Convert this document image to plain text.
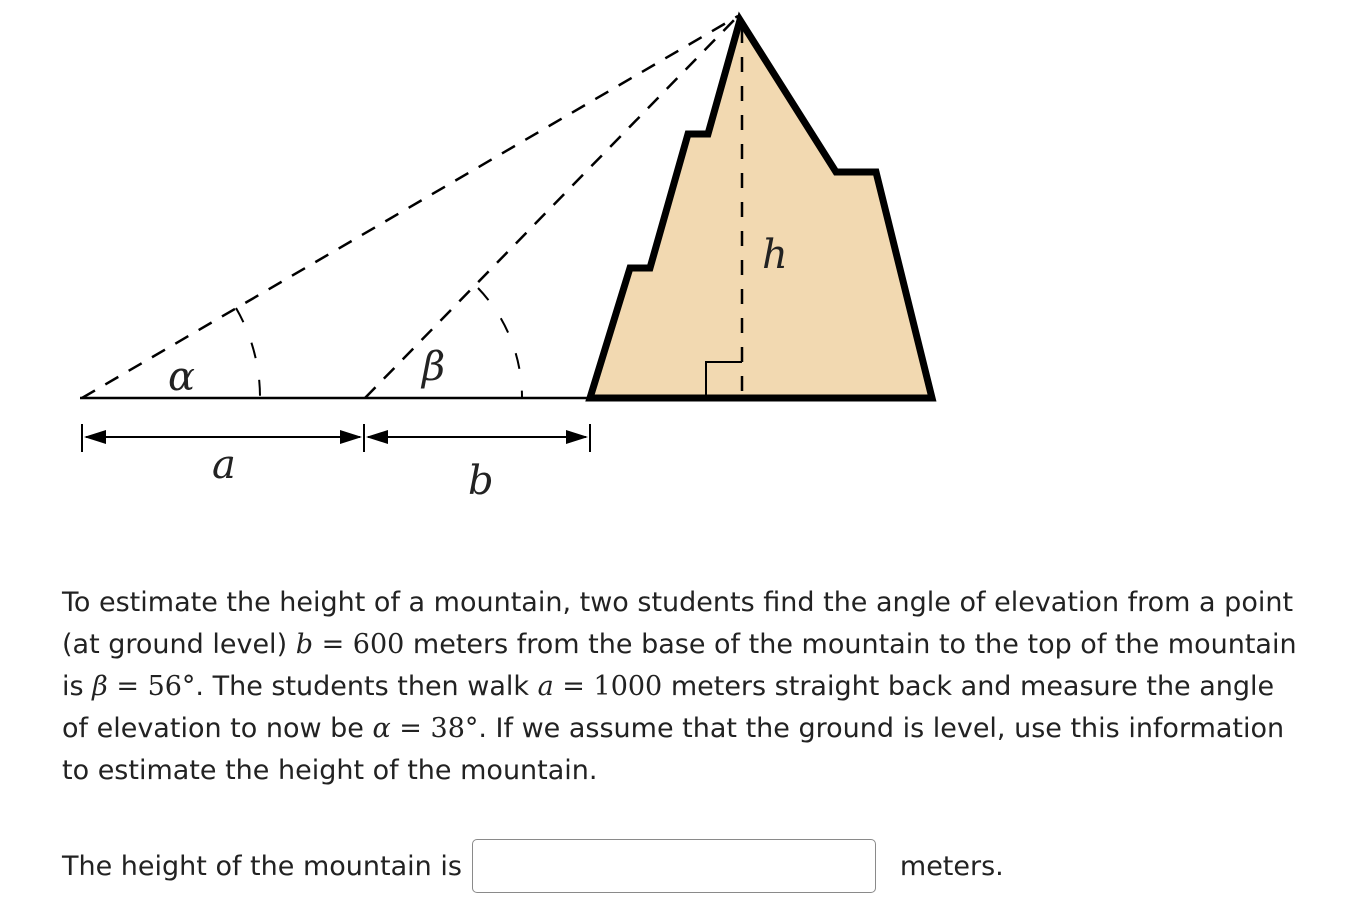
α	β
h
a	b

To estimate the height of a mountain, two students find the angle of elevation from a point (at ground level) b = 600 meters from the base of the mountain to the top of the mountain is β = 56°. The students then walk a = 1000 meters straight back and measure the angle of elevation to now be α = 38°. If we assume that the ground is level, use this information to estimate the height of the mountain.

The height of the mountain is	meters.
